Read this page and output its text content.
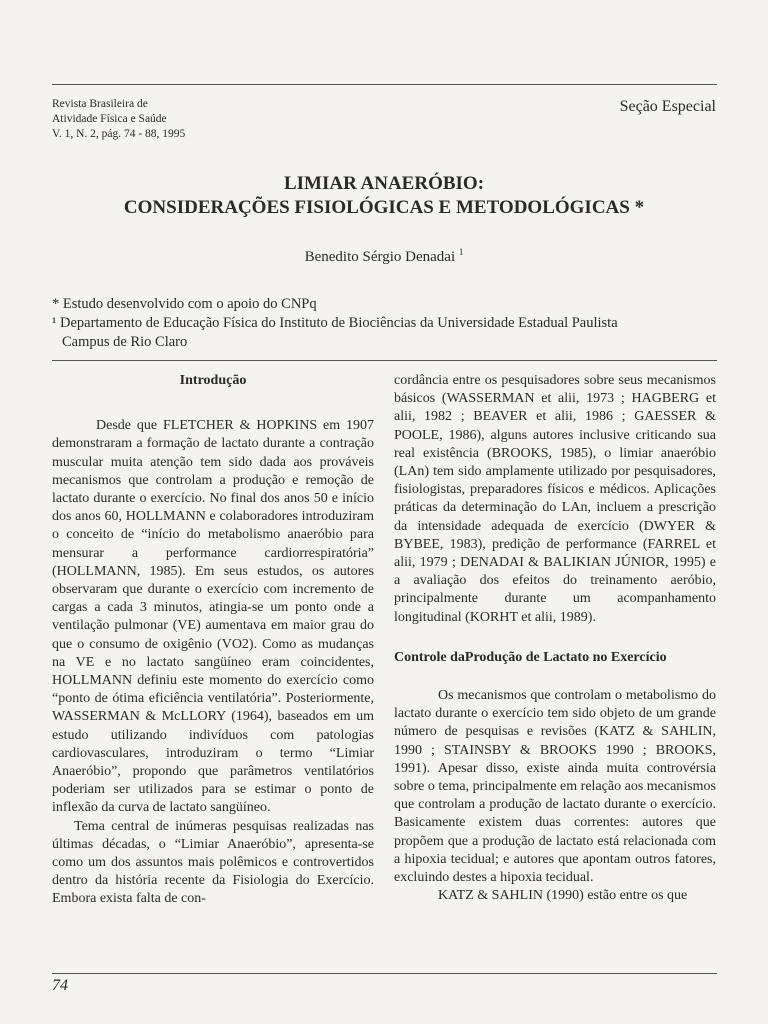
Revista Brasileira de
Atividade Física e Saúde
V. 1, N. 2, pág. 74 - 88, 1995
Seção Especial
LIMIAR ANAERÓBIO:
CONSIDERAÇÕES FISIOLÓGICAS E METODOLÓGICAS *
Benedito Sérgio Denadai $^1$
* Estudo desenvolvido com o apoio do CNPq
¹ Departamento de Educação Física do Instituto de Biociências da Universidade Estadual Paulista
Campus de Rio Claro
Introdução

Desde que FLETCHER & HOPKINS em 1907 demonstraram a formação de lactato durante a contração muscular muita atenção tem sido dada aos prováveis mecanismos que controlam a produção e remoção de lactato durante o exercício. No final dos anos 50 e início dos anos 60, HOLLMANN e colaboradores introduziram o conceito de “início do metabolismo anaeróbio para mensurar a performance cardiorrespiratória” (HOLLMANN, 1985). Em seus estudos, os autores observaram que durante o exercício com incremento de cargas a cada 3 minutos, atingia-se um ponto onde a ventilação pulmonar (VE) aumentava em maior grau do que o consumo de oxigênio (VO2). Como as mudanças na VE e no lactato sangüíneo eram coincidentes, HOLLMANN definiu este momento do exercício como “ponto de ótima eficiência ventilatória”. Posteriormente, WASSERMAN & McLLORY (1964), baseados em um estudo utilizando indivíduos com patologias cardiovasculares, introduziram o termo “Limiar Anaeróbio”, propondo que parâmetros ventilatórios poderiam ser utilizados para se estimar o ponto de inflexão da curva de lactato sangüíneo.

Tema central de inúmeras pesquisas realizadas nas últimas décadas, o “Limiar Anaeróbio”, apresenta-se como um dos assuntos mais polêmicos e controvertidos dentro da história recente da Fisiologia do Exercício. Embora exista falta de con-

cordância entre os pesquisadores sobre seus mecanismos básicos (WASSERMAN et alii, 1973 ; HAGBERG et alii, 1982 ; BEAVER et alii, 1986 ; GAESSER & POOLE, 1986), alguns autores inclusive criticando sua real existência (BROOKS, 1985), o limiar anaeróbio (LAn) tem sido amplamente utilizado por pesquisadores, fisiologistas, preparadores físicos e médicos. Aplicações práticas da determinação do LAn, incluem a prescrição da intensidade adequada de exercício (DWYER & BYBEE, 1983), predição de performance (FARREL et alii, 1979 ; DENADAI & BALIKIAN JÚNIOR, 1995) e a avaliação dos efeitos do treinamento aeróbio, principalmente durante um acompanhamento longitudinal (KORHT et alii, 1989).

Controle daProdução de Lactato no Exercício

Os mecanismos que controlam o metabolismo do lactato durante o exercício tem sido objeto de um grande número de pesquisas e revisões (KATZ & SAHLIN, 1990 ; STAINSBY & BROOKS 1990 ; BROOKS, 1991). Apesar disso, existe ainda muita controvérsia sobre o tema, principalmente em relação aos mecanismos que controlam a produção de lactato durante o exercício. Basicamente existem duas correntes: autores que propõem que a produção de lactato está relacionada com a hipoxia tecidual; e autores que apontam outros fatores, excluindo destes a hipoxia tecidual.

KATZ & SAHLIN (1990) estão entre os que

74
